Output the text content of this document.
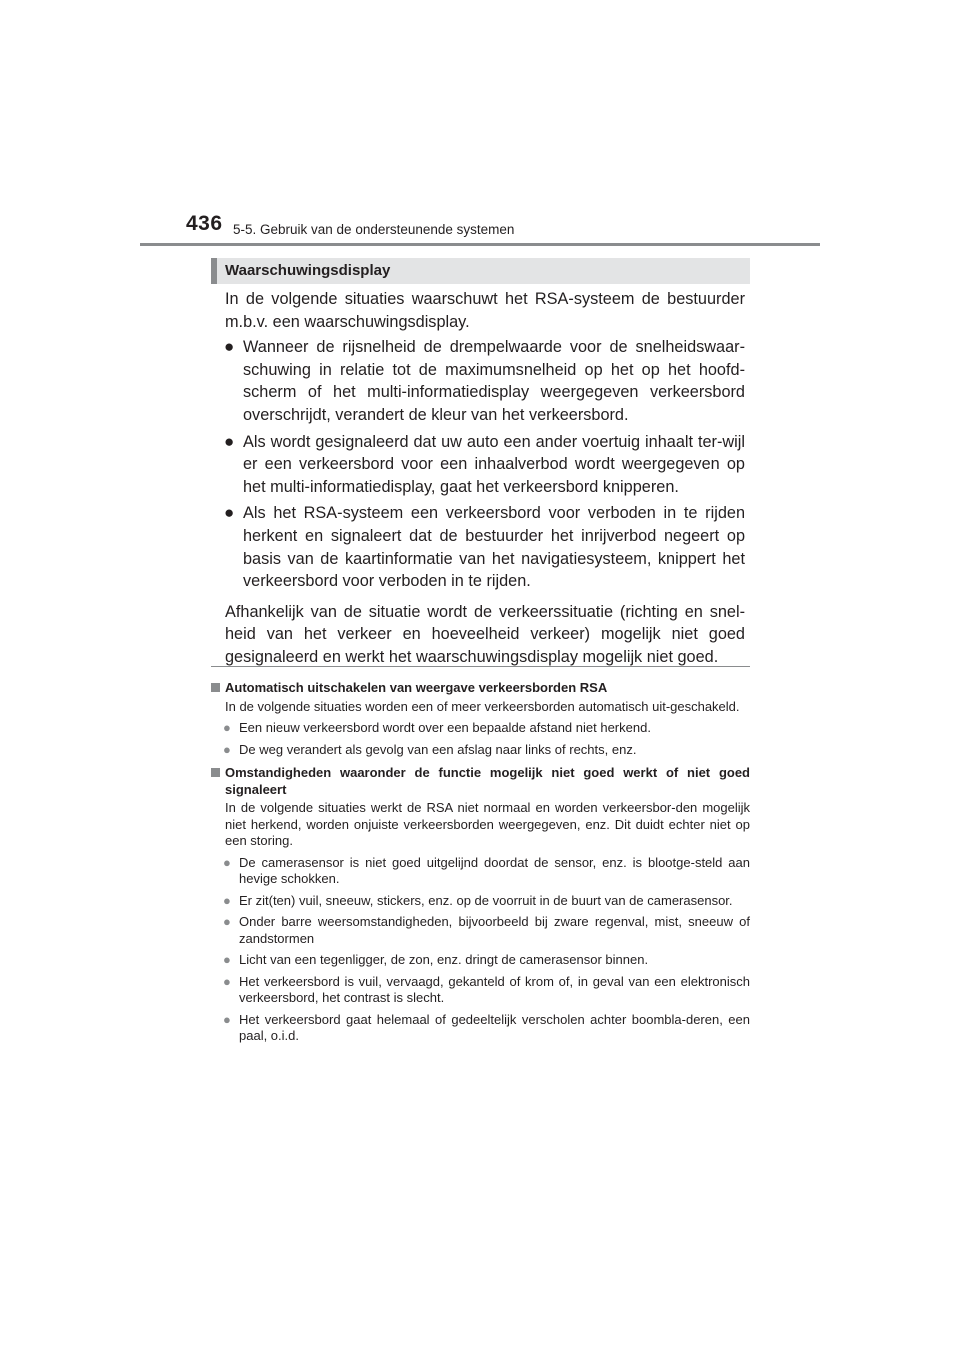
436 5-5. Gebruik van de ondersteunende systemen
Waarschuwingsdisplay

In de volgende situaties waarschuwt het RSA-systeem de bestuurder m.b.v. een waarschuwingsdisplay.

● Wanneer de rijsnelheid de drempelwaarde voor de snelheidswaar-schuwing in relatie tot de maximumsnelheid op het op het hoofd-scherm of het multi-informatiedisplay weergegeven verkeersbord overschrijdt, verandert de kleur van het verkeersbord.
● Als wordt gesignaleerd dat uw auto een ander voertuig inhaalt ter-wijl er een verkeersbord voor een inhaalverbod wordt weergegeven op het multi-informatiedisplay, gaat het verkeersbord knipperen.
● Als het RSA-systeem een verkeersbord voor verboden in te rijden herkent en signaleert dat de bestuurder het inrijverbod negeert op basis van de kaartinformatie van het navigatiesysteem, knippert het verkeersbord voor verboden in te rijden.

Afhankelijk van de situatie wordt de verkeerssituatie (richting en snel-heid van het verkeer en hoeveelheid verkeer) mogelijk niet goed gesignaleerd en werkt het waarschuwingsdisplay mogelijk niet goed.

Automatisch uitschakelen van weergave verkeersborden RSA
In de volgende situaties worden een of meer verkeersborden automatisch uit-geschakeld.
● Een nieuw verkeersbord wordt over een bepaalde afstand niet herkend.
● De weg verandert als gevolg van een afslag naar links of rechts, enz.
Omstandigheden waaronder de functie mogelijk niet goed werkt of niet goed signaleert
In de volgende situaties werkt de RSA niet normaal en worden verkeersbor-den mogelijk niet herkend, worden onjuiste verkeersborden weergegeven, enz. Dit duidt echter niet op een storing.
● De camerasensor is niet goed uitgelijnd doordat de sensor, enz. is blootge-steld aan hevige schokken.
● Er zit(ten) vuil, sneeuw, stickers, enz. op de voorruit in de buurt van de camerasensor.
● Onder barre weersomstandigheden, bijvoorbeeld bij zware regenval, mist, sneeuw of zandstormen
● Licht van een tegenligger, de zon, enz. dringt de camerasensor binnen.
● Het verkeersbord is vuil, vervaagd, gekanteld of krom of, in geval van een elektronisch verkeersbord, het contrast is slecht.
● Het verkeersbord gaat helemaal of gedeeltelijk verscholen achter boombla-deren, een paal, o.i.d.
